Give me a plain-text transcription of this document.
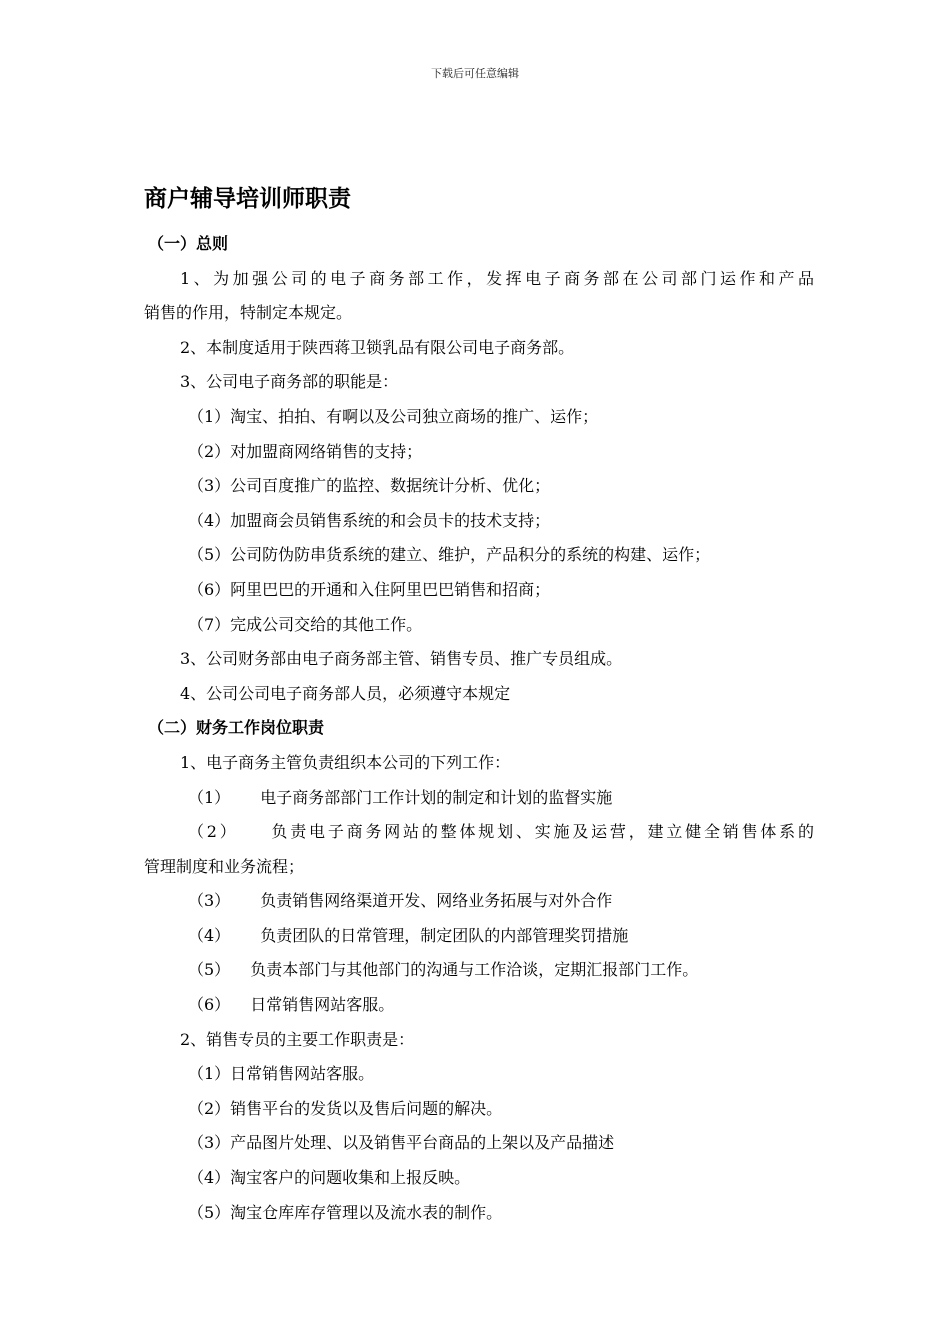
下载后可任意编辑
商户辅导培训师职责
（一）总则
1、为加强公司的电子商务部工作，发挥电子商务部在公司部门运作和产品
销售的作用，特制定本规定。
2、本制度适用于陕西蒋卫锁乳品有限公司电子商务部。
3、公司电子商务部的职能是：
（1）淘宝、拍拍、有啊以及公司独立商场的推广、运作；
（2）对加盟商网络销售的支持；
（3）公司百度推广的监控、数据统计分析、优化；
（4）加盟商会员销售系统的和会员卡的技术支持；
（5）公司防伪防串货系统的建立、维护，产品积分的系统的构建、运作；
（6）阿里巴巴的开通和入住阿里巴巴销售和招商；
（7）完成公司交给的其他工作。
3、公司财务部由电子商务部主管、销售专员、推广专员组成。
4、公司公司电子商务部人员，必须遵守本规定
（二）财务工作岗位职责
1、电子商务主管负责组织本公司的下列工作：
（1） 电子商务部部门工作计划的制定和计划的监督实施
（2） 负责电子商务网站的整体规划、实施及运营，建立健全销售体系的
管理制度和业务流程；
（3） 负责销售网络渠道开发、网络业务拓展与对外合作
（4） 负责团队的日常管理，制定团队的内部管理奖罚措施
（5） 负责本部门与其他部门的沟通与工作洽谈，定期汇报部门工作。
（6） 日常销售网站客服。
2、销售专员的主要工作职责是：
（1）日常销售网站客服。
（2）销售平台的发货以及售后问题的解决。
（3）产品图片处理、以及销售平台商品的上架以及产品描述
（4）淘宝客户的问题收集和上报反映。
（5）淘宝仓库库存管理以及流水表的制作。
